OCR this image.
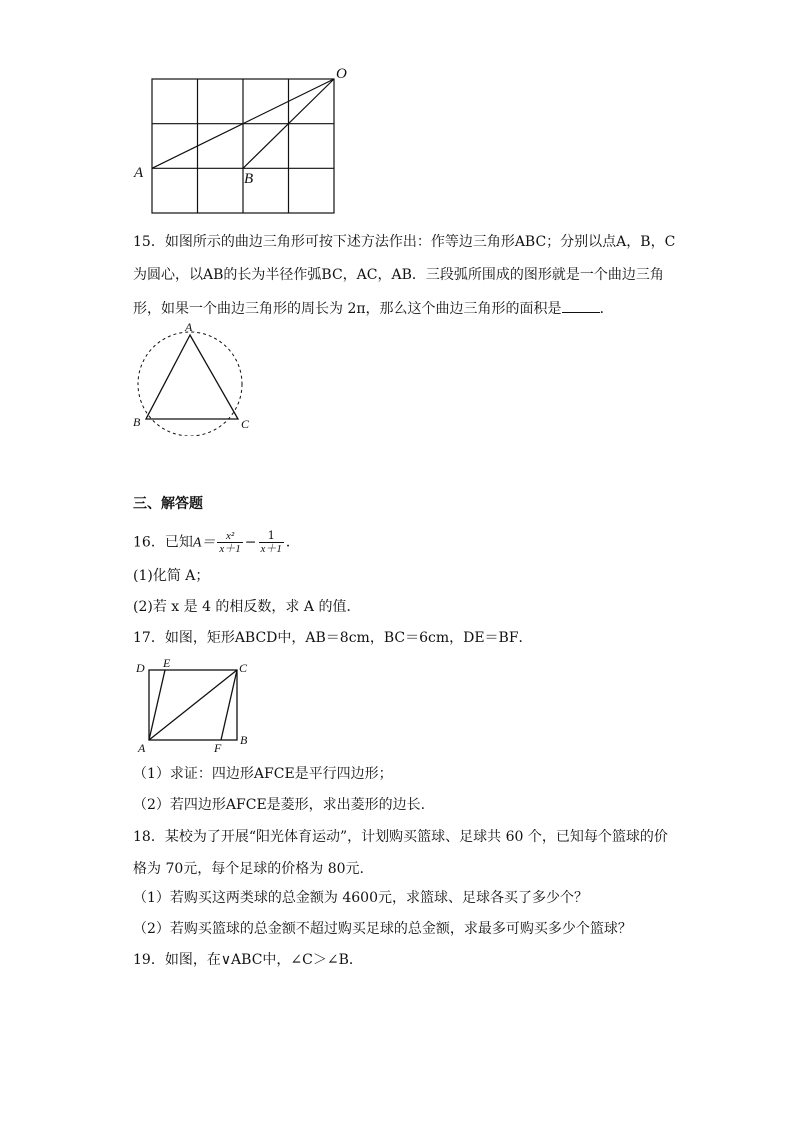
O
A	B
15．如图所示的曲边三角形可按下述方法作出：作等边三角形ABC；分别以点A，B，C
为圆心，以AB的长为半径作弧BC，AC，AB．三段弧所围成的图形就是一个曲边三角
形，如果一个曲边三角形的周长为 2π，那么这个曲边三角形的面积是	．
A
B	C
三、解答题
16．已知$A= \frac{\text{x²}}{x+1} - \frac{1}{x+1}$ ．
(1)化简 A；
(2)若 x 是 4 的相反数，求 A 的值．
17．如图，矩形ABCD中，AB＝8cm，BC＝6cm，DE＝BF．
D E	C
A	F
B
（1）求证：四边形AFCE是平行四边形；
（2）若四边形AFCE是菱形，求出菱形的边长.
18．某校为了开展“阳光体育运动”，计划购买篮球、足球共 60 个，已知每个篮球的价
格为 70元，每个足球的价格为 80元.
（1）若购买这两类球的总金额为 4600元，求篮球、足球各买了多少个？
（2）若购买篮球的总金额不超过购买足球的总金额，求最多可购买多少个篮球？
19．如图，在∨ABC中，∠C＞∠B．
